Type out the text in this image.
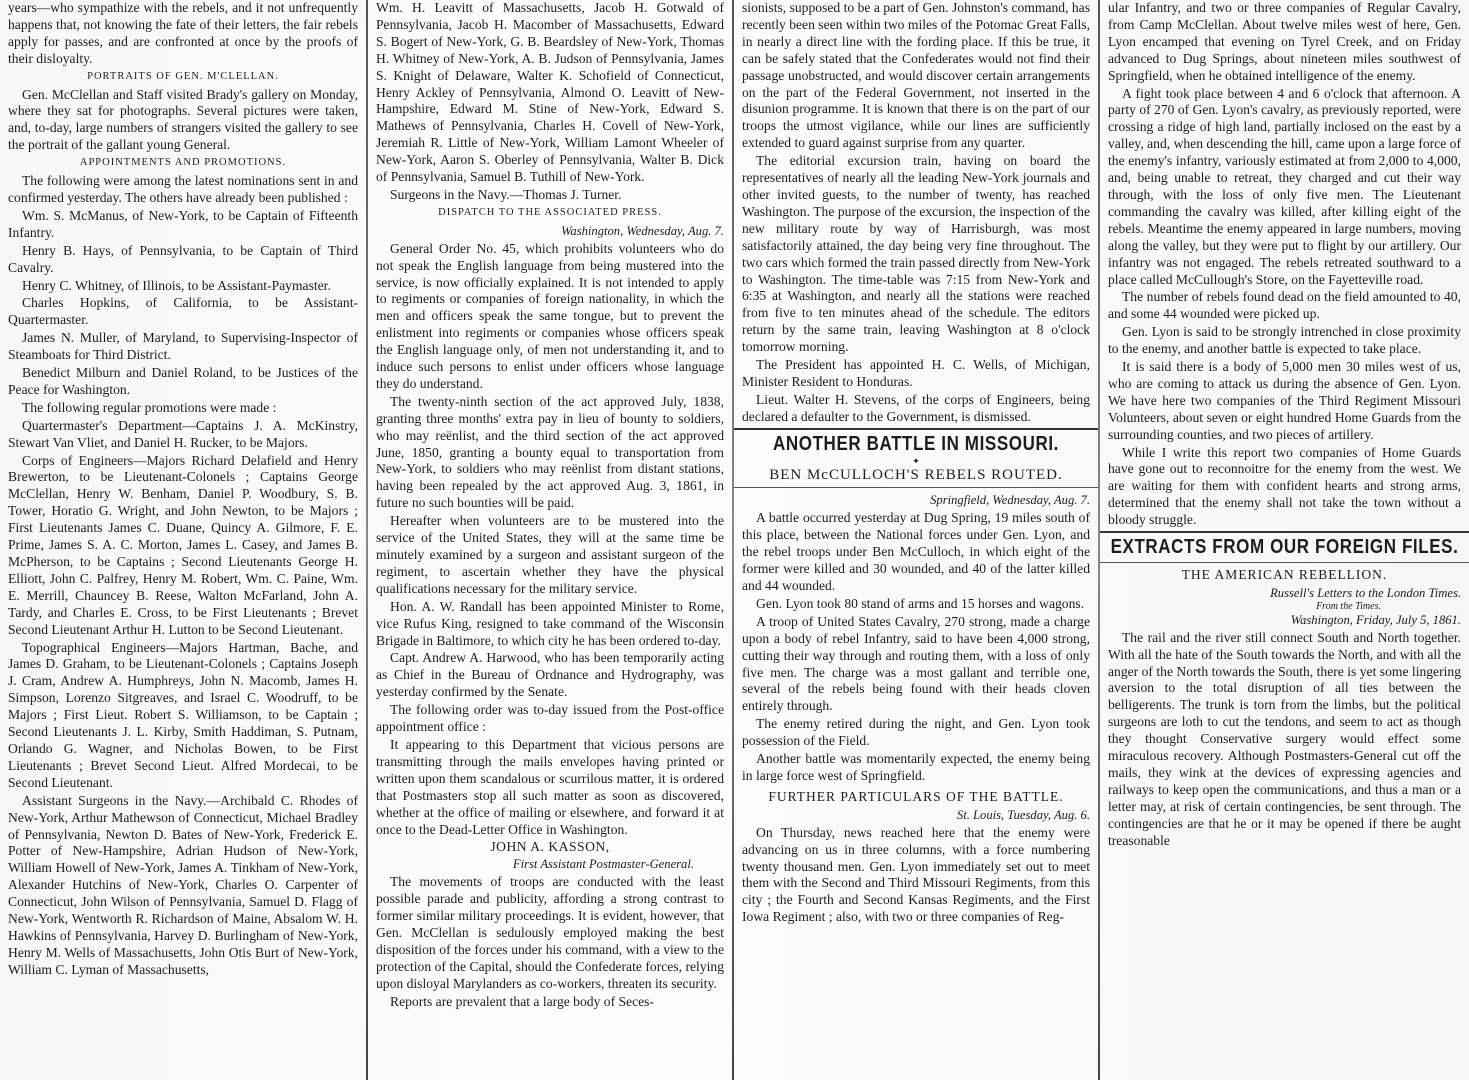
years—who sympathize with the rebels, and it not unfrequently happens that, not knowing the fate of their letters, the fair rebels apply for passes, and are confronted at once by the proofs of their disloyalty.

PORTRAITS OF GEN. M'CLELLAN.

Gen. McClellan and Staff visited Brady's gallery on Monday, where they sat for photographs. Several pictures were taken, and, to-day, large numbers of strangers visited the gallery to see the portrait of the gallant young General.

APPOINTMENTS AND PROMOTIONS.

The following were among the latest nominations sent in and confirmed yesterday. The others have already been published :

Wm. S. McManus, of New-York, to be Captain of Fifteenth Infantry.

Henry B. Hays, of Pennsylvania, to be Captain of Third Cavalry.

Henry C. Whitney, of Illinois, to be Assistant-Paymaster.

Charles Hopkins, of California, to be Assistant-Quartermaster.

James N. Muller, of Maryland, to Supervising-Inspector of Steamboats for Third District.

Benedict Milburn and Daniel Roland, to be Justices of the Peace for Washington.

The following regular promotions were made :

Quartermaster's Department—Captains J. A. McKinstry, Stewart Van Vliet, and Daniel H. Rucker, to be Majors.

Corps of Engineers—Majors Richard Delafield and Henry Brewerton, to be Lieutenant-Colonels ; Captains George McClellan, Henry W. Benham, Daniel P. Woodbury, S. B. Tower, Horatio G. Wright, and John Newton, to be Majors ; First Lieutenants James C. Duane, Quincy A. Gilmore, F. E. Prime, James S. A. C. Morton, James L. Casey, and James B. McPherson, to be Captains ; Second Lieutenants George H. Elliott, John C. Palfrey, Henry M. Robert, Wm. C. Paine, Wm. E. Merrill, Chauncey B. Reese, Walton McFarland, John A. Tardy, and Charles E. Cross, to be First Lieutenants ; Brevet Second Lieutenant Arthur H. Lutton to be Second Lieutenant.

Topographical Engineers—Majors Hartman, Bache, and James D. Graham, to be Lieutenant-Colonels ; Captains Joseph J. Cram, Andrew A. Humphreys, John N. Macomb, James H. Simpson, Lorenzo Sitgreaves, and Israel C. Woodruff, to be Majors ; First Lieut. Robert S. Williamson, to be Captain ; Second Lieutenants J. L. Kirby, Smith Haddiman, S. Putnam, Orlando G. Wagner, and Nicholas Bowen, to be First Lieutenants ; Brevet Second Lieut. Alfred Mordecai, to be Second Lieutenant.

Assistant Surgeons in the Navy.—Archibald C. Rhodes of New-York, Arthur Mathewson of Connecticut, Michael Bradley of Pennsylvania, Newton D. Bates of New-York, Frederick E. Potter of New-Hampshire, Adrian Hudson of New-York, William Howell of New-York, James A. Tinkham of New-York, Alexander Hutchins of New-York, Charles O. Carpenter of Connecticut, John Wilson of Pennsylvania, Samuel D. Flagg of New-York, Wentworth R. Richardson of Maine, Absalom W. H. Hawkins of Pennsylvania, Harvey D. Burlingham of New-York, Henry M. Wells of Massachusetts, John Otis Burt of New-York, William C. Lyman of Massachusetts,

Wm. H. Leavitt of Massachusetts, Jacob H. Gotwald of Pennsylvania, Jacob H. Macomber of Massachusetts, Edward S. Bogert of New-York, G. B. Beardsley of New-York, Thomas H. Whitney of New-York, A. B. Judson of Pennsylvania, James S. Knight of Delaware, Walter K. Schofield of Connecticut, Henry Ackley of Pennsylvania, Almond O. Leavitt of New-Hampshire, Edward M. Stine of New-York, Edward S. Mathews of Pennsylvania, Charles H. Covell of New-York, Jeremiah R. Little of New-York, William Lamont Wheeler of New-York, Aaron S. Oberley of Pennsylvania, Walter B. Dick of Pennsylvania, Samuel B. Tuthill of New-York.

Surgeons in the Navy.—Thomas J. Turner.

DISPATCH TO THE ASSOCIATED PRESS.
Washington, Wednesday, Aug. 7.

General Order No. 45, which prohibits volunteers who do not speak the English language from being mustered into the service, is now officially explained. It is not intended to apply to regiments or companies of foreign nationality, in which the men and officers speak the same tongue, but to prevent the enlistment into regiments or companies whose officers speak the English language only, of men not understanding it, and to induce such persons to enlist under officers whose language they do understand.

The twenty-ninth section of the act approved July, 1838, granting three months' extra pay in lieu of bounty to soldiers, who may reënlist, and the third section of the act approved June, 1850, granting a bounty equal to transportation from New-York, to soldiers who may reënlist from distant stations, having been repealed by the act approved Aug. 3, 1861, in future no such bounties will be paid.

Hereafter when volunteers are to be mustered into the service of the United States, they will at the same time be minutely examined by a surgeon and assistant surgeon of the regiment, to ascertain whether they have the physical qualifications necessary for the military service.

Hon. A. W. Randall has been appointed Minister to Rome, vice Rufus King, resigned to take command of the Wisconsin Brigade in Baltimore, to which city he has been ordered to-day.

Capt. Andrew A. Harwood, who has been temporarily acting as Chief in the Bureau of Ordnance and Hydrography, was yesterday confirmed by the Senate.

The following order was to-day issued from the Post-office appointment office :

It appearing to this Department that vicious persons are transmitting through the mails envelopes having printed or written upon them scandalous or scurrilous matter, it is ordered that Postmasters stop all such matter as soon as discovered, whether at the office of mailing or elsewhere, and forward it at once to the Dead-Letter Office in Washington.

JOHN A. KASSON,
First Assistant Postmaster-General.

The movements of troops are conducted with the least possible parade and publicity, affording a strong contrast to former similar military proceedings. It is evident, however, that Gen. McClellan is sedulously employed making the best disposition of the forces under his command, with a view to the protection of the Capital, should the Confederate forces, relying upon disloyal Marylanders as co-workers, threaten its security.

Reports are prevalent that a large body of Seces-

sionists, supposed to be a part of Gen. Johnston's command, has recently been seen within two miles of the Potomac Great Falls, in nearly a direct line with the fording place. If this be true, it can be safely stated that the Confederates would not find their passage unobstructed, and would discover certain arrangements on the part of the Federal Government, not inserted in the disunion programme. It is known that there is on the part of our troops the utmost vigilance, while our lines are sufficiently extended to guard against surprise from any quarter.

The editorial excursion train, having on board the representatives of nearly all the leading New-York journals and other invited guests, to the number of twenty, has reached Washington. The purpose of the excursion, the inspection of the new military route by way of Harrisburgh, was most satisfactorily attained, the day being very fine throughout. The two cars which formed the train passed directly from New-York to Washington. The time-table was 7:15 from New-York and 6:35 at Washington, and nearly all the stations were reached from five to ten minutes ahead of the schedule. The editors return by the same train, leaving Washington at 8 o'clock tomorrow morning.

The President has appointed H. C. Wells, of Michigan, Minister Resident to Honduras.

Lieut. Walter H. Stevens, of the corps of Engineers, being declared a defaulter to the Government, is dismissed.

ANOTHER BATTLE IN MISSOURI.
✦
BEN McCULLOCH'S REBELS ROUTED.
Springfield, Wednesday, Aug. 7.

A battle occurred yesterday at Dug Spring, 19 miles south of this place, between the National forces under Gen. Lyon, and the rebel troops under Ben McCulloch, in which eight of the former were killed and 30 wounded, and 40 of the latter killed and 44 wounded.

Gen. Lyon took 80 stand of arms and 15 horses and wagons.

A troop of United States Cavalry, 270 strong, made a charge upon a body of rebel Infantry, said to have been 4,000 strong, cutting their way through and routing them, with a loss of only five men. The charge was a most gallant and terrible one, several of the rebels being found with their heads cloven entirely through.

The enemy retired during the night, and Gen. Lyon took possession of the Field.

Another battle was momentarily expected, the enemy being in large force west of Springfield.

FURTHER PARTICULARS OF THE BATTLE.
St. Louis, Tuesday, Aug. 6.

On Thursday, news reached here that the enemy were advancing on us in three columns, with a force numbering twenty thousand men. Gen. Lyon immediately set out to meet them with the Second and Third Missouri Regiments, from this city ; the Fourth and Second Kansas Regiments, and the First Iowa Regiment ; also, with two or three companies of Reg-

ular Infantry, and two or three companies of Regular Cavalry, from Camp McClellan. About twelve miles west of here, Gen. Lyon encamped that evening on Tyrel Creek, and on Friday advanced to Dug Springs, about nineteen miles southwest of Springfield, when he obtained intelligence of the enemy.

A fight took place between 4 and 6 o'clock that afternoon. A party of 270 of Gen. Lyon's cavalry, as previously reported, were crossing a ridge of high land, partially inclosed on the east by a valley, and, when descending the hill, came upon a large force of the enemy's infantry, variously estimated at from 2,000 to 4,000, and, being unable to retreat, they charged and cut their way through, with the loss of only five men. The Lieutenant commanding the cavalry was killed, after killing eight of the rebels. Meantime the enemy appeared in large numbers, moving along the valley, but they were put to flight by our artillery. Our infantry was not engaged. The rebels retreated southward to a place called McCullough's Store, on the Fayetteville road.

The number of rebels found dead on the field amounted to 40, and some 44 wounded were picked up.

Gen. Lyon is said to be strongly intrenched in close proximity to the enemy, and another battle is expected to take place.

It is said there is a body of 5,000 men 30 miles west of us, who are coming to attack us during the absence of Gen. Lyon. We have here two companies of the Third Regiment Missouri Volunteers, about seven or eight hundred Home Guards from the surrounding counties, and two pieces of artillery.

While I write this report two companies of Home Guards have gone out to reconnoitre for the enemy from the west. We are waiting for them with confident hearts and strong arms, determined that the enemy shall not take the town without a bloody struggle.

EXTRACTS FROM OUR FOREIGN FILES.
THE AMERICAN REBELLION.
Russell's Letters to the London Times.
From the Times.
Washington, Friday, July 5, 1861.

The rail and the river still connect South and North together. With all the hate of the South towards the North, and with all the anger of the North towards the South, there is yet some lingering aversion to the total disruption of all ties between the belligerents. The trunk is torn from the limbs, but the political surgeons are loth to cut the tendons, and seem to act as though they thought Conservative surgery would effect some miraculous recovery. Although Postmasters-General cut off the mails, they wink at the devices of expressing agencies and railways to keep open the communications, and thus a man or a letter may, at risk of certain contingencies, be sent through. The contingencies are that he or it may be opened if there be aught treasonable
